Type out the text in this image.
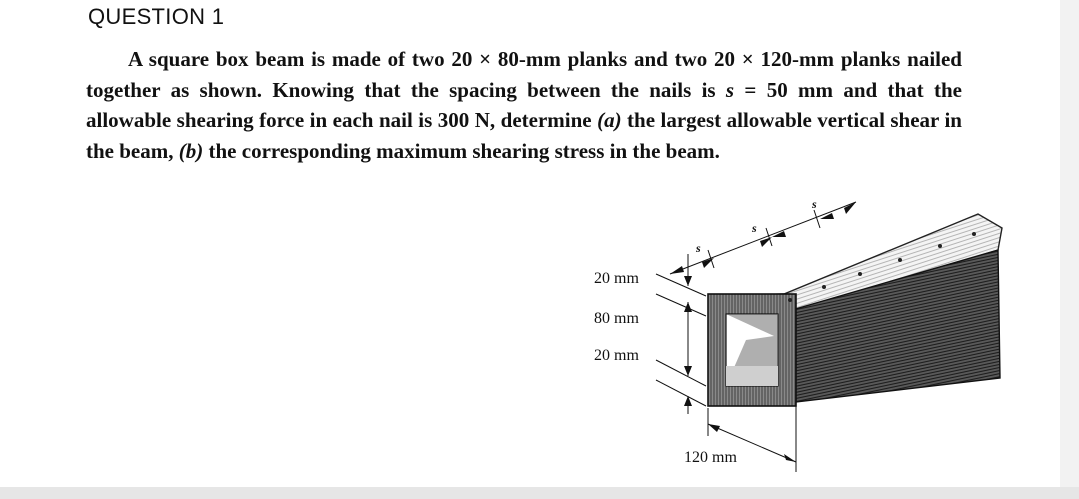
QUESTION 1

A square box beam is made of two 20 × 80-mm planks and two 20 × 120-mm planks nailed together as shown. Knowing that the spacing between the nails is s = 50 mm and that the allowable shearing force in each nail is 300 N, determine (a) the largest allowable vertical shear in the beam, (b) the corresponding maximum shearing stress in the beam.

s
s
s
20 mm
80 mm
20 mm
120 mm
